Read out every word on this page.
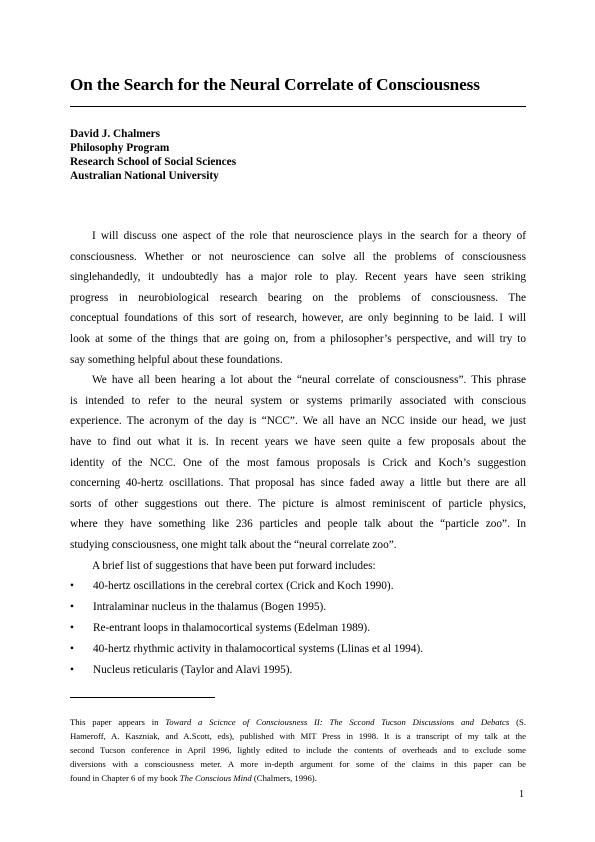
On the Search for the Neural Correlate of Consciousness
David J. Chalmers
Philosophy Program
Research School of Social Sciences
Australian National University
I will discuss one aspect of the role that neuroscience plays in the search for a theory of
consciousness. Whether or not neuroscience can solve all the problems of consciousness
singlehandedly, it undoubtedly has a major role to play. Recent years have seen striking
progress in neurobiological research bearing on the problems of consciousness. The
conceptual foundations of this sort of research, however, are only beginning to be laid. I will
look at some of the things that are going on, from a philosopher’s perspective, and will try to
say something helpful about these foundations.
We have all been hearing a lot about the “neural correlate of consciousness”. This phrase
is intended to refer to the neural system or systems primarily associated with conscious
experience. The acronym of the day is “NCC”. We all have an NCC inside our head, we just
have to find out what it is. In recent years we have seen quite a few proposals about the
identity of the NCC. One of the most famous proposals is Crick and Koch’s suggestion
concerning 40-hertz oscillations. That proposal has since faded away a little but there are all
sorts of other suggestions out there. The picture is almost reminiscent of particle physics,
where they have something like 236 particles and people talk about the “particle zoo”. In
studying consciousness, one might talk about the “neural correlate zoo”.
A brief list of suggestions that have been put forward includes:
• 40-hertz oscillations in the cerebral cortex (Crick and Koch 1990).
• Intralaminar nucleus in the thalamus (Bogen 1995).
• Re-entrant loops in thalamocortical systems (Edelman 1989).
• 40-hertz rhythmic activity in thalamocortical systems (Llinas et al 1994).
• Nucleus reticularis (Taylor and Alavi 1995).
This paper appears in Toward a Scicnce of Consciousness II: The Sccond Tucson Discussions and Debatcs (S.
Hameroff, A. Kaszniak, and A.Scott, eds), published with MIT Press in 1998. It is a transcript of my talk at the
second Tucson conference in April 1996, lightly edited to include the contents of overheads and to exclude some
diversions with a consciousness meter. A more in-depth argument for some of the claims in this paper can be
found in Chapter 6 of my book The Conscious Mind (Chalmers, 1996).
1
